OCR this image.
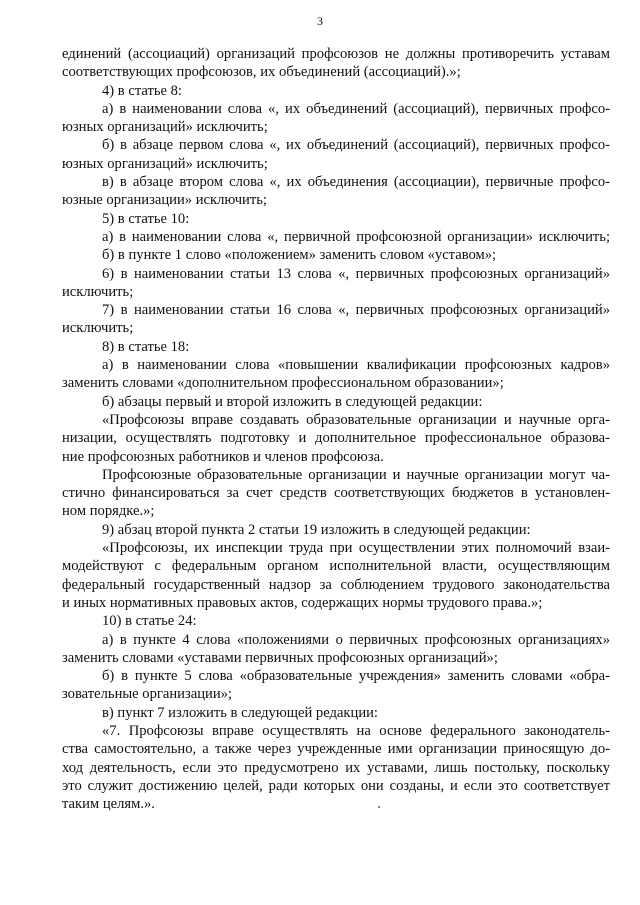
3
единений (ассоциаций) организаций профсоюзов не должны противоречить уставам
соответствующих профсоюзов, их объединений (ассоциаций).»;
4) в статье 8:
а) в наименовании слова «, их объединений (ассоциаций), первичных профсо-
юзных организаций» исключить;
б) в абзаце первом слова «, их объединений (ассоциаций), первичных профсо-
юзных организаций» исключить;
в) в абзаце втором слова «, их объединения (ассоциации), первичные профсо-
юзные организации» исключить;
5) в статье 10:
а) в наименовании слова «, первичной профсоюзной организации» исключить;
б) в пункте 1 слово «положением» заменить словом «уставом»;
6) в наименовании статьи 13 слова «, первичных профсоюзных организаций»
исключить;
7) в наименовании статьи 16 слова «, первичных профсоюзных организаций»
исключить;
8) в статье 18:
а) в наименовании слова «повышении квалификации профсоюзных кадров»
заменить словами «дополнительном профессиональном образовании»;
б) абзацы первый и второй изложить в следующей редакции:
«Профсоюзы вправе создавать образовательные организации и научные орга-
низации, осуществлять подготовку и дополнительное профессиональное образова-
ние профсоюзных работников и членов профсоюза.
Профсоюзные образовательные организации и научные организации могут ча-
стично финансироваться за счет средств соответствующих бюджетов в установлен-
ном порядке.»;
9) абзац второй пункта 2 статьи 19 изложить в следующей редакции:
«Профсоюзы, их инспекции труда при осуществлении этих полномочий взаи-
модействуют с федеральным органом исполнительной власти, осуществляющим
федеральный государственный надзор за соблюдением трудового законодательства
и иных нормативных правовых актов, содержащих нормы трудового права.»;
10) в статье 24:
а) в пункте 4 слова «положениями о первичных профсоюзных организациях»
заменить словами «уставами первичных профсоюзных организаций»;
б) в пункте 5 слова «образовательные учреждения» заменить словами «обра-
зовательные организации»;
в) пункт 7 изложить в следующей редакции:
«7. Профсоюзы вправе осуществлять на основе федерального законодатель-
ства самостоятельно, а также через учрежденные ими организации приносящую до-
ход деятельность, если это предусмотрено их уставами, лишь постольку, поскольку
это служит достижению целей, ради которых они созданы, и если это соответствует
таким целям.».
